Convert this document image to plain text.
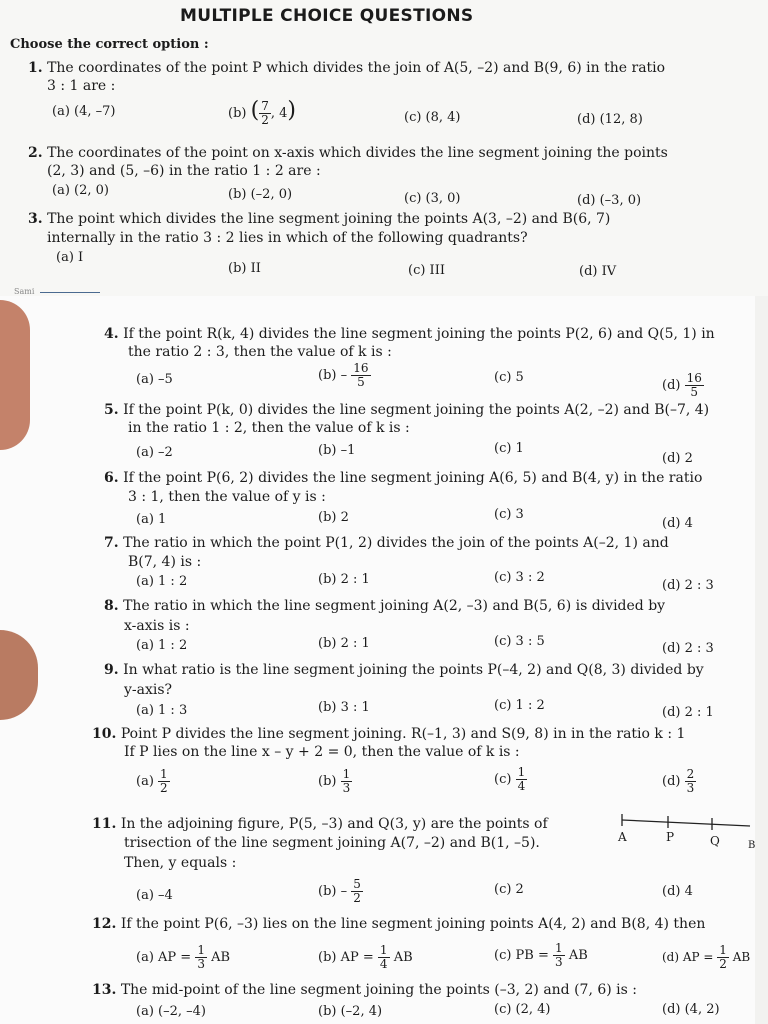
MULTIPLE CHOICE QUESTIONS
Choose the correct option :
1. The coordinates of the point P which divides the join of A(5, –2) and B(9, 6) in the ratio
3 : 1 are :
(a) (4, –7)	(b) ( $\frac{7}{2}$ , 4)	(c) (8, 4)	(d) (12, 8)
2. The coordinates of the point on x-axis which divides the line segment joining the points
(2, 3) and (5, –6) in the ratio 1 : 2 are :
(a) (2, 0)	(b) (–2, 0)	(c) (3, 0)	(d) (–3, 0)
3. The point which divides the line segment joining the points A(3, –2) and B(6, 7)
internally in the ratio 3 : 2 lies in which of the following quadrants?
(a) I
(b) II	(c) III	(d) IV
Sami
4. If the point R(k, 4) divides the line segment joining the points P(2, 6) and Q(5, 1) in
the ratio 2 : 3, then the value of k is :
(a) –5	$(b) - \frac{16}{5}$	(c) 5
$(d) \frac{16}{5}$
5. If the point P(k, 0) divides the line segment joining the points A(2, –2) and B(–7, 4)
in the ratio 1 : 2, then the value of k is :
(a) –2	(b) –1	(c) 1
(d) 2
6. If the point P(6, 2) divides the line segment joining A(6, 5) and B(4, y) in the ratio
3 : 1, then the value of y is :
(a) 1	(b) 2	(c) 3
(d) 4
7. The ratio in which the point P(1, 2) divides the join of the points A(–2, 1) and
B(7, 4) is :
(a) 1 : 2	(b) 2 : 1	(c) 3 : 2
(d) 2 : 3
8. The ratio in which the line segment joining A(2, –3) and B(5, 6) is divided by
x-axis is :
(a) 1 : 2	(b) 2 : 1	(c) 3 : 5	(d) 2 : 3
9. In what ratio is the line segment joining the points P(–4, 2) and Q(8, 3) divided by
y-axis?
(a) 1 : 3	(b) 3 : 1	(c) 1 : 2	(d) 2 : 1
10. Point P divides the line segment joining. R(–1, 3) and S(9, 8) in in the ratio k : 1
If P lies on the line x – y + 2 = 0, then the value of k is :
$(a) \frac{1}{2}$	$(b) \frac{1}{3}$	$(c) \frac{1}{4}$	$(d) \frac{2}{3}$
11. In the adjoining figure, P(5, –3) and Q(3, y) are the points of
trisection of the line segment joining A(7, –2) and B(1, –5).
Then, y equals :
(a) –4	$(b) - \frac{5}{2}$	(c) 2	(d) 4
A	P	Q	B
12. If the point P(6, –3) lies on the line segment joining points A(4, 2) and B(8, 4) then
(a) AP = $\frac{1}{3}$ AB	(b) AP = $\frac{1}{4}$ AB	(c) PB = $\frac{1}{3}$ AB	(d) AP = $\frac{1}{2}$ AB
13. The mid-point of the line segment joining the points (–3, 2) and (7, 6) is :
(a) (–2, –4)	(b) (–2, 4)	(c) (2, 4)	(d) (4, 2)
